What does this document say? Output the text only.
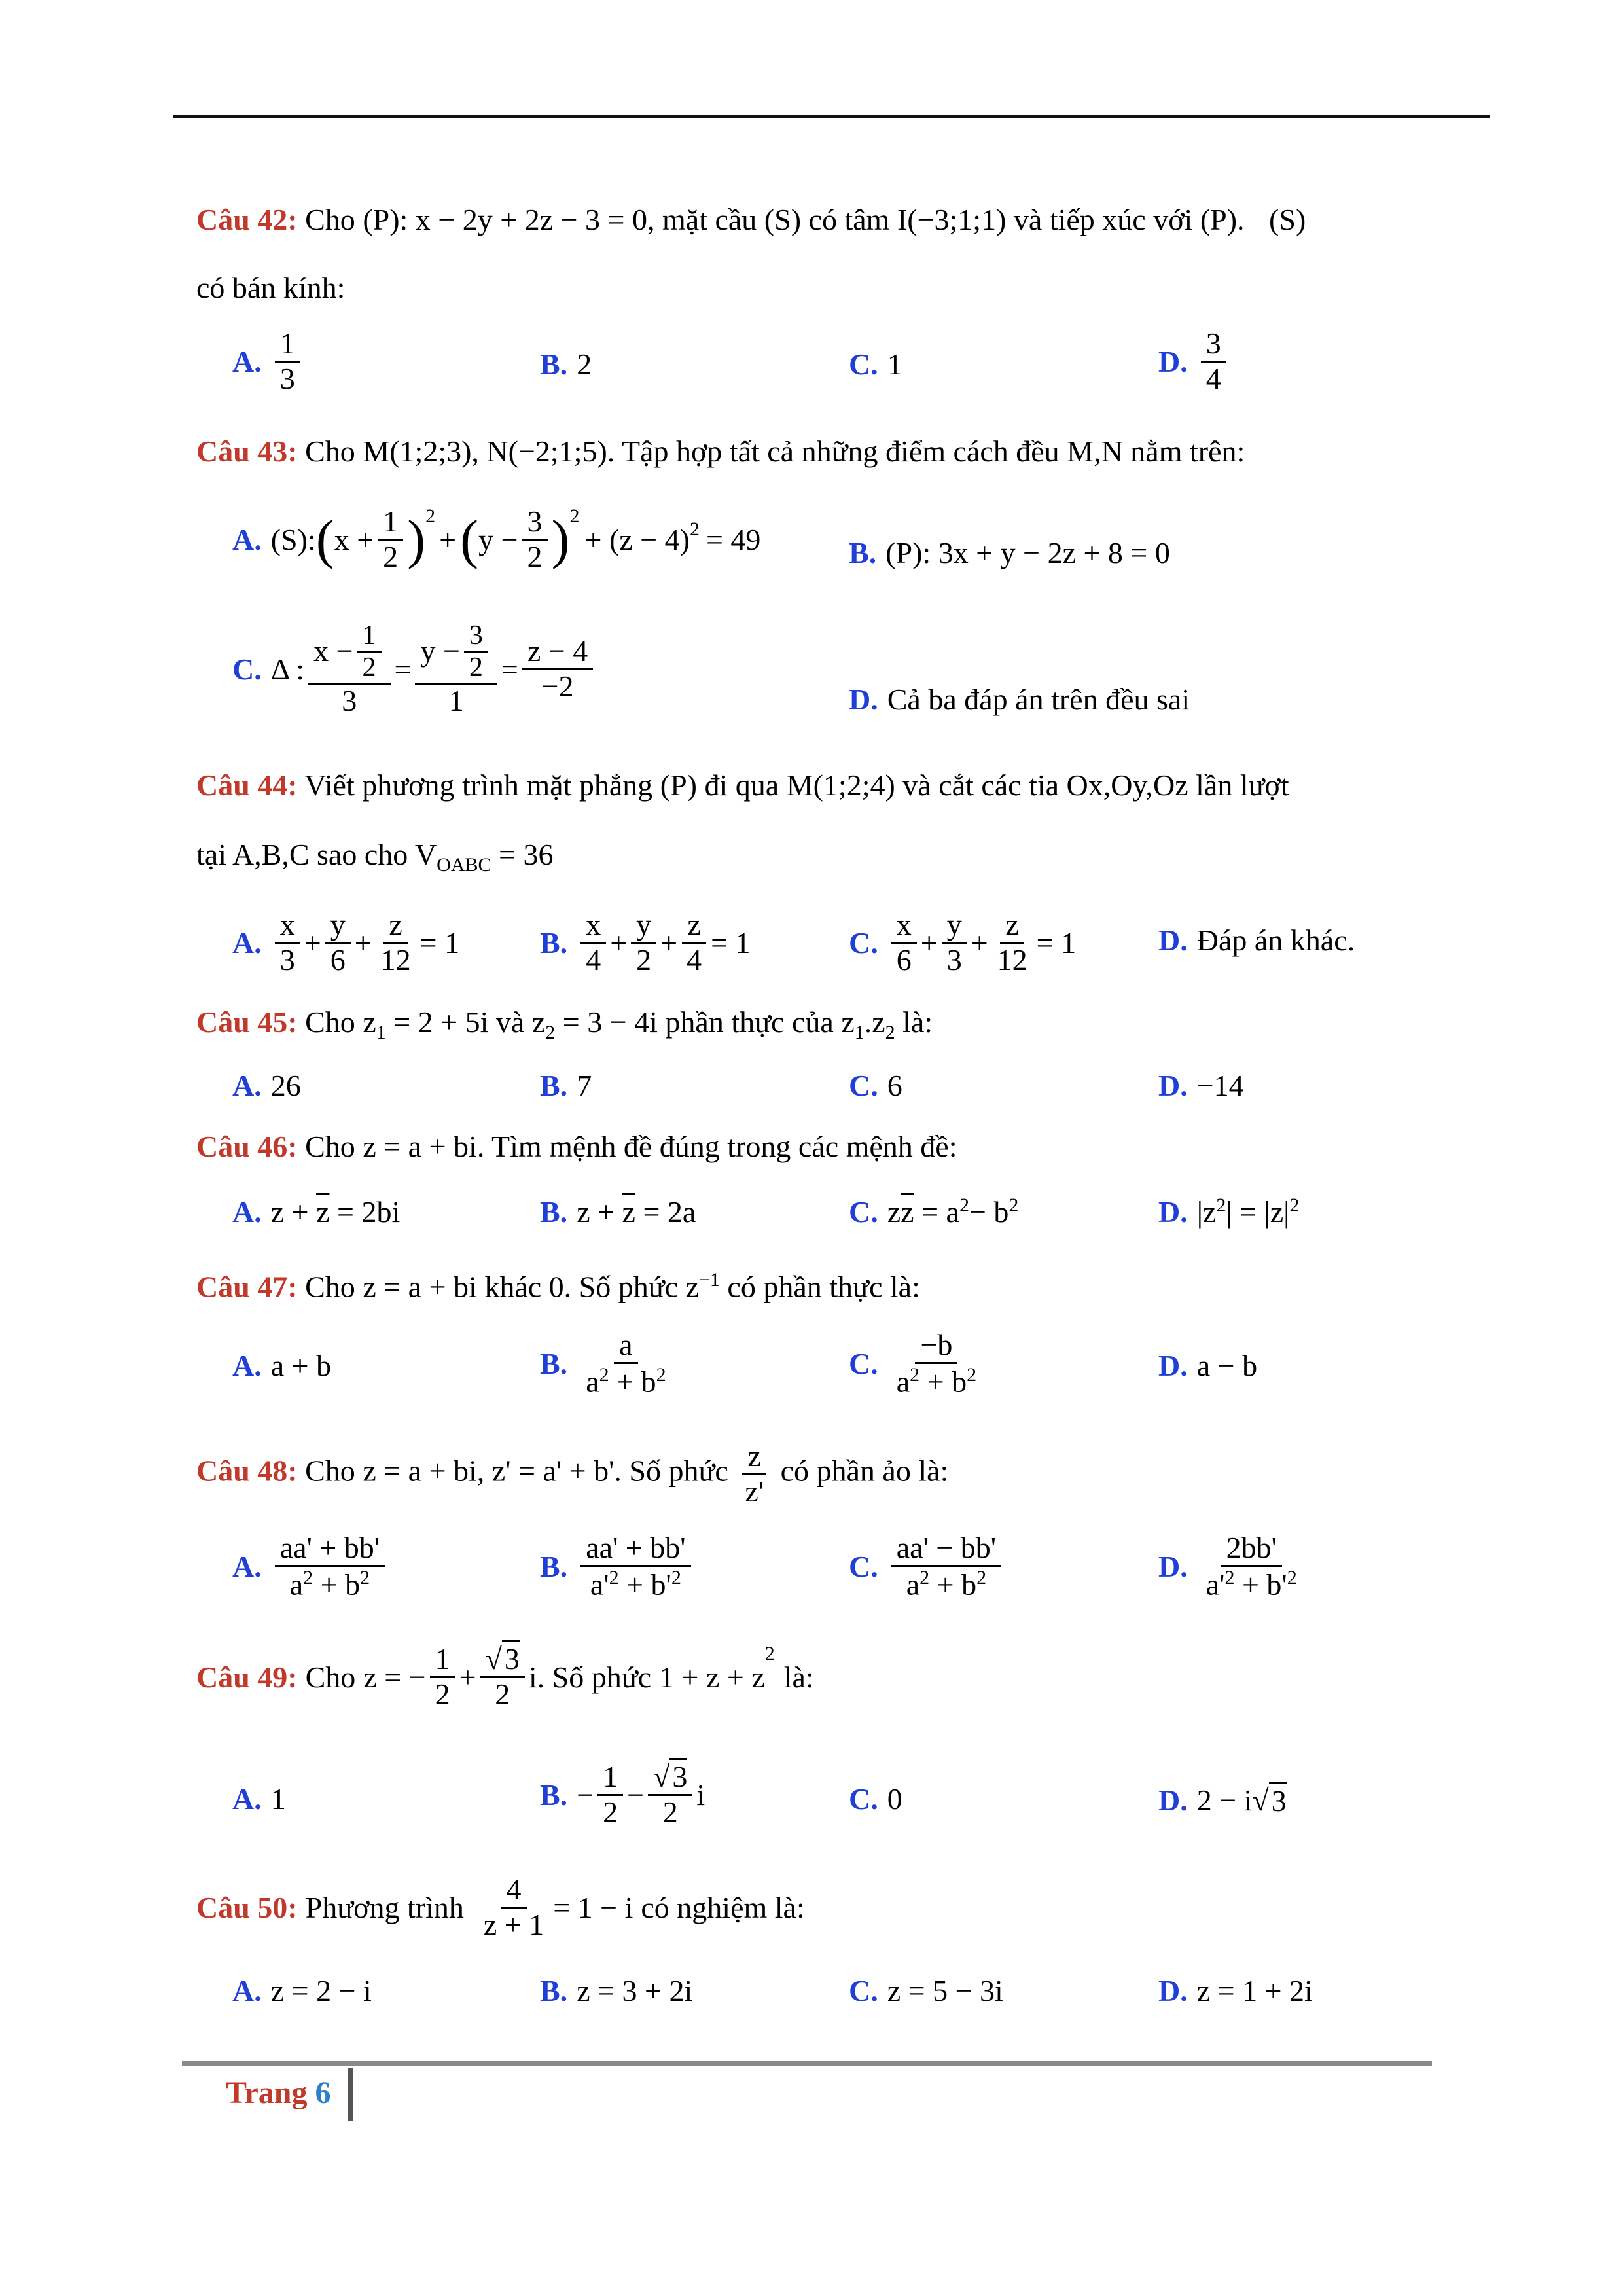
Câu 42: Cho (P): x − 2y + 2z − 3 = 0, mặt cầu (S) có tâm I(−3;1;1) và tiếp xúc với (P). (S)
có bán kính:
A. $\frac{1}{3}$	B. 2	C. 1	D. $\frac{3}{4}$
Câu 43: Cho M(1;2;3), N(−2;1;5). Tập hợp tất cả những điểm cách đều M,N nằm trên:
A. (S): ( $x + \frac{1}{2} )^2$
+ ( $y - \frac{3}{2} )^2$
+ $(z - 4)^2 = 49$	B. (P): 3x + y − 2z + 8 = 0
C. Δ : $\frac{x - \frac{1}{2}}{3} = \frac{y - \frac{3}{2}}{1} = \frac{z - 4}{-2}$	D. Cả ba đáp án trên đều sai
Câu 44: Viết phương trình mặt phẳng (P) đi qua M(1;2;4) và cắt các tia Ox,Oy,Oz lần lượt
tại A,B,C sao cho $V_{OABC} = 36$
A. $\frac{x}{3} + \frac{y}{6} + \frac{z}{12} = 1$	B. $\frac{x}{4} + \frac{y}{2} + \frac{z}{4} = 1$	C. $\frac{x}{6} + \frac{y}{3} + \frac{z}{12} = 1$	D. Đáp án khác.
Câu 45: Cho $z_1 = 2 + 5i$ và $z_2 = 3 - 4i$ phần thực của $z_1.z_2$ là:
A. 26	B. 7	C. 6	D. −14
Câu 46: Cho z = a + bi. Tìm mệnh đề đúng trong các mệnh đề:
A. z +
$\overline{z}$
= 2bi	B. z +
$\overline{z}$
= 2a	C. z $\overline{z}$
= $a^2 - b^2$	D. $|z^2$ | = $|z|^2$
Câu 47: Cho z = a + bi khác 0. Số phức $z^{-1}$ có phần thực là:
A. a + b	B. $\frac{a}{a^2 + b^2}$	C. $\frac{-b}{a^2 + b^2}$	D. a − b
Câu 48: Cho z = a + bi, z' = a' + b'. Số phức $\frac{z}{z'}$ có phần ảo là:
A. $\frac{aa' + bb'}{a^2 + b^2}$	B. $\frac{aa' + bb'}{a'^2 + b'^2}$	C. $\frac{aa' - bb'}{a^2 + b^2}$	D. $\frac{2bb'}{a'^2 + b'^2}$
Câu 49: Cho z = − $\frac{1}{2} + \frac{√3}{2}$ i . Số phức 1 + z + z
$^2$
là:
A. 1	B. − $\frac{1}{2} - \frac{√3}{2}$ i	C. 0	D. 2 − i √ 3
Câu 50: Phương trình $\frac{4}{z + 1} = 1 - i$ có nghiệm là:
A. z = 2 − i	B. z = 3 + 2i	C. z = 5 − 3i	D. z = 1 + 2i
Trang 6
